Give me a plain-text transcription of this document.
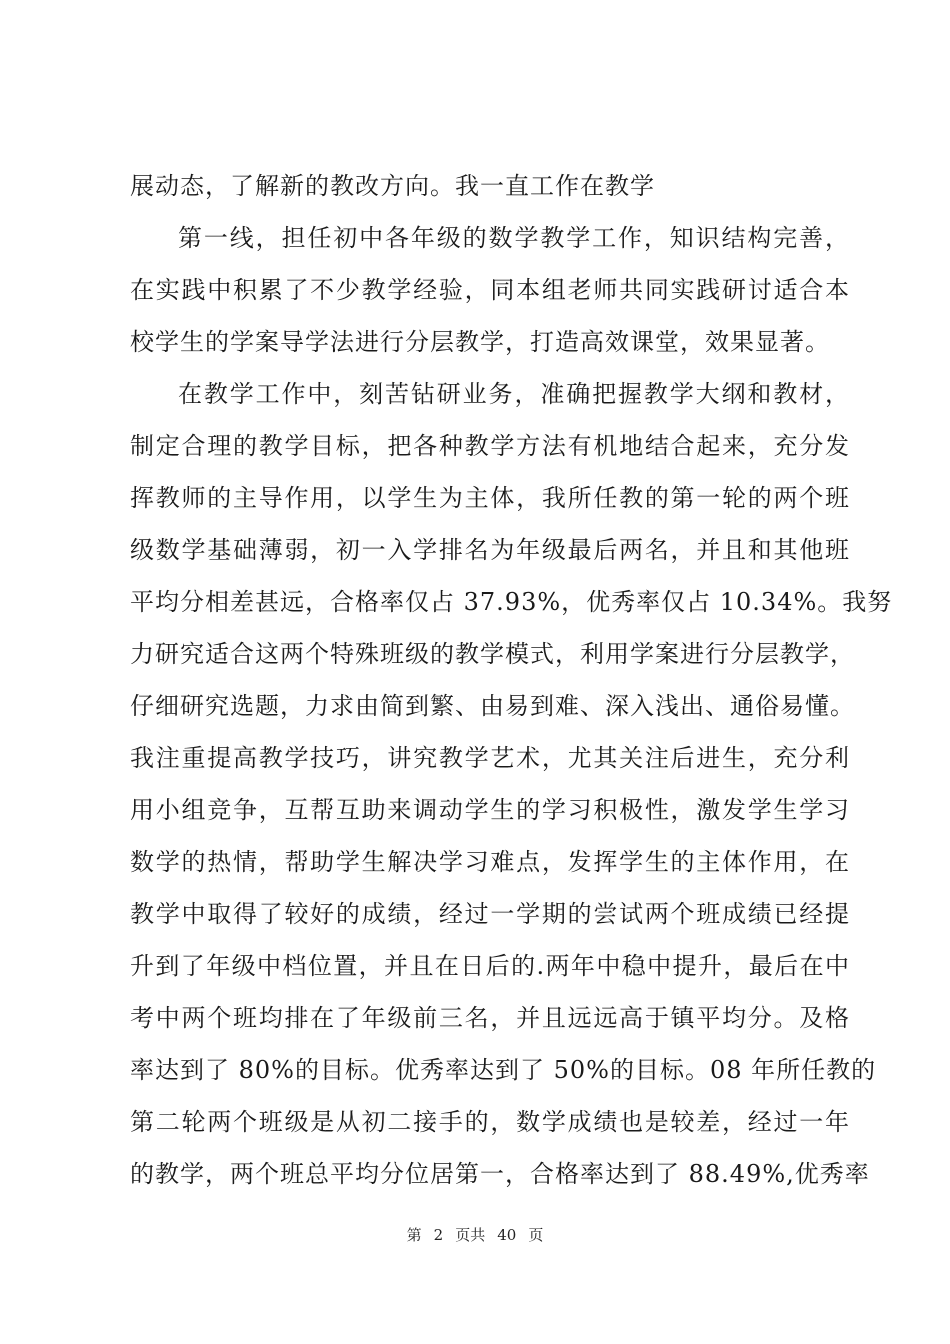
展动态，了解新的教改方向。我一直工作在教学
第一线，担任初中各年级的数学教学工作，知识结构完善，
在实践中积累了不少教学经验，同本组老师共同实践研讨适合本
校学生的学案导学法进行分层教学，打造高效课堂，效果显著。
在教学工作中，刻苦钻研业务，准确把握教学大纲和教材，
制定合理的教学目标，把各种教学方法有机地结合起来，充分发
挥教师的主导作用，以学生为主体，我所任教的第一轮的两个班
级数学基础薄弱，初一入学排名为年级最后两名，并且和其他班
平均分相差甚远，合格率仅占 37.93%，优秀率仅占 10.34%。我努
力研究适合这两个特殊班级的教学模式，利用学案进行分层教学，
仔细研究选题，力求由简到繁、由易到难、深入浅出、通俗易懂。
我注重提高教学技巧，讲究教学艺术，尤其关注后进生，充分利
用小组竞争，互帮互助来调动学生的学习积极性，激发学生学习
数学的热情，帮助学生解决学习难点，发挥学生的主体作用，在
教学中取得了较好的成绩，经过一学期的尝试两个班成绩已经提
升到了年级中档位置，并且在日后的.两年中稳中提升，最后在中
考中两个班均排在了年级前三名，并且远远高于镇平均分。及格
率达到了 80%的目标。优秀率达到了 50%的目标。08 年所任教的
第二轮两个班级是从初二接手的，数学成绩也是较差，经过一年
的教学，两个班总平均分位居第一，合格率达到了 88.49%,优秀率
第 2 页共 40 页
